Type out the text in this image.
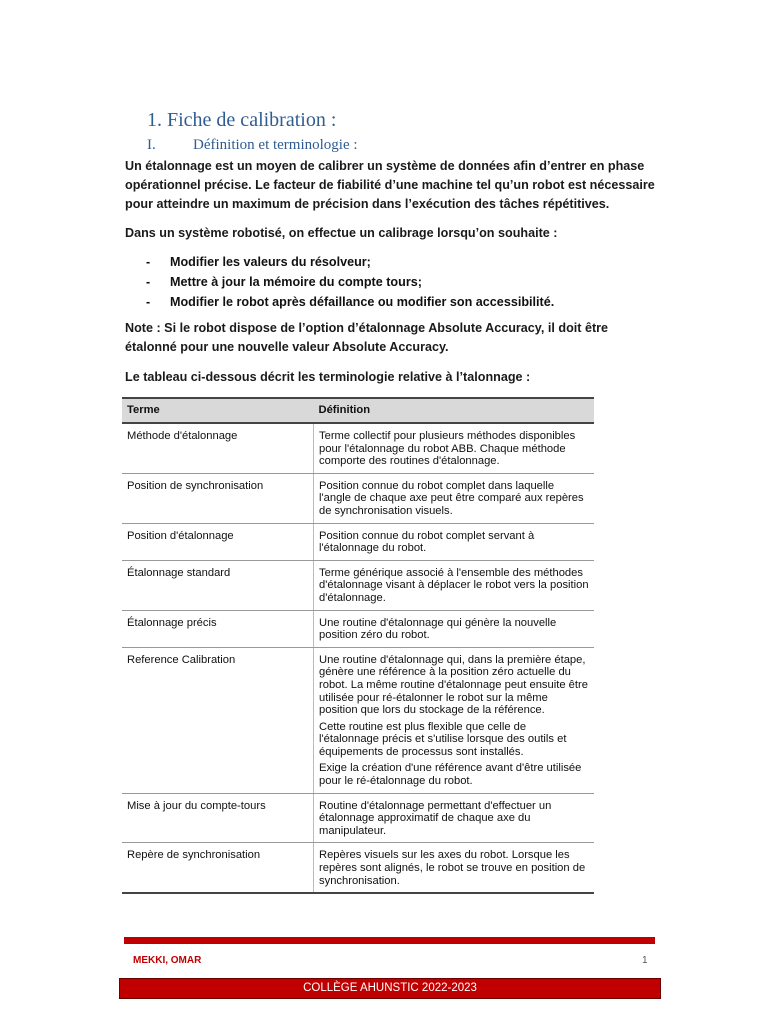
1. Fiche de calibration :
I. Définition et terminologie :

Un étalonnage est un moyen de calibrer un système de données afin d’entrer en phase opérationnel précise. Le facteur de fiabilité d’une machine tel qu’un robot est nécessaire pour atteindre un maximum de précision dans l’exécution des tâches répétitives.

Dans un système robotisé, on effectue un calibrage lorsqu’on souhaite :

- Modifier les valeurs du résolveur;
- Mettre à jour la mémoire du compte tours;
- Modifier le robot après défaillance ou modifier son accessibilité.

Note : Si le robot dispose de l’option d’étalonnage Absolute Accuracy, il doit être étalonné pour une nouvelle valeur Absolute Accuracy.

Le tableau ci-dessous décrit les terminologie relative à l’talonnage :

Terme	Définition
Méthode d'étalonnage	Terme collectif pour plusieurs méthodes disponibles pour l'étalonnage du robot ABB. Chaque méthode comporte des routines d'étalonnage.

Position de synchronisation	Position connue du robot complet dans laquelle l'angle de chaque axe peut être comparé aux repères de synchronisation visuels.

Position d'étalonnage	Position connue du robot complet servant à l'étalonnage du robot.

Étalonnage standard	Terme générique associé à l'ensemble des méthodes d'étalonnage visant à déplacer le robot vers la position d'étalonnage.

Étalonnage précis	Une routine d'étalonnage qui génère la nouvelle position zéro du robot.

Reference Calibration	Une routine d'étalonnage qui, dans la première étape, génère une référence à la position zéro actuelle du robot. La même routine d'étalonnage peut ensuite être utilisée pour ré-étalonner le robot sur la même position que lors du stockage de la référence.
Cette routine est plus flexible que celle de l'étalonnage précis et s'utilise lorsque des outils et équipements de processus sont installés.
Exige la création d'une référence avant d'être utilisée pour le ré-étalonnage du robot.

Mise à jour du compte-tours	Routine d'étalonnage permettant d'effectuer un étalonnage approximatif de chaque axe du manipulateur.

Repère de synchronisation	Repères visuels sur les axes du robot. Lorsque les repères sont alignés, le robot se trouve en position de synchronisation.
MEKKI, OMAR	1
COLLÈGE AHUNSTIC 2022-2023
